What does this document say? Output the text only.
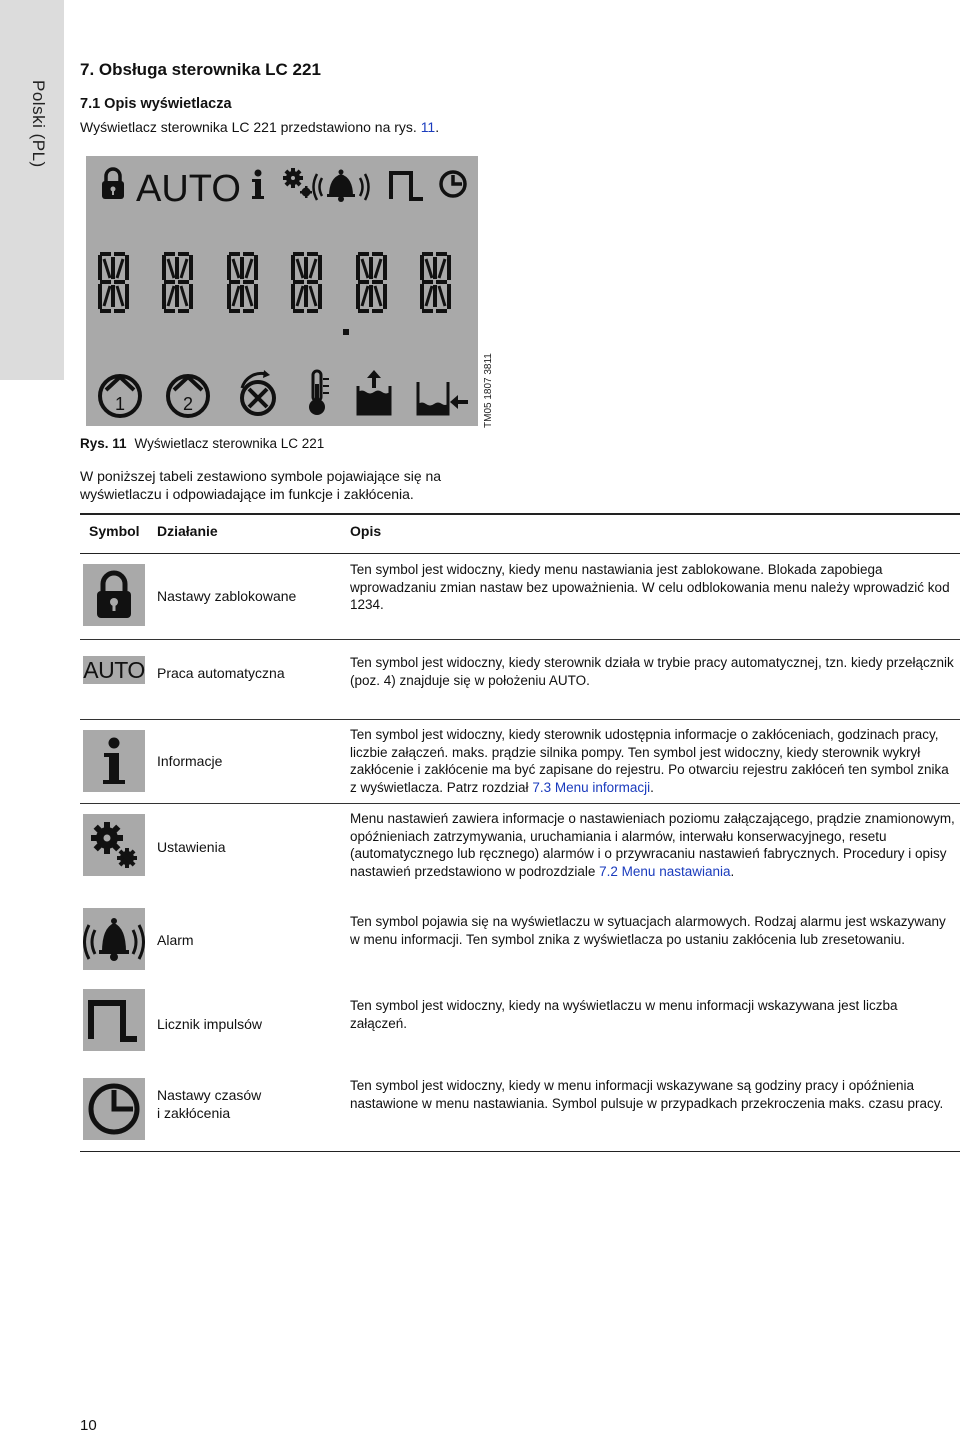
Polski (PL)
7. Obsługa sterownika LC 221
7.1 Opis wyświetlacza
Wyświetlacz sterownika LC 221 przedstawiono na rys. 11.
AUTO
1	2	TM05 1807 3811
Rys. 11 Wyświetlacz sterownika LC 221
W poniższej tabeli zestawiono symbole pojawiające się na wyświetlaczu i odpowiadające im funkcje i zakłócenia.
Symbol Działanie	Opis
Nastawy zablokowane
Ten symbol jest widoczny, kiedy menu nastawiania jest zablokowane. Blokada zapobiega wprowadzaniu zmian nastaw bez upoważnienia. W celu odblokowania menu należy wprowadzić kod 1234.
AUTO Praca automatyczna
Ten symbol jest widoczny, kiedy sterownik działa w trybie pracy automatycznej, tzn. kiedy przełącznik (poz. 4) znajduje się w położeniu AUTO.
Informacje
Ten symbol jest widoczny, kiedy sterownik udostępnia informacje o zakłóceniach, godzinach pracy, liczbie załączeń. maks. prądzie silnika pompy. Ten symbol jest widoczny, kiedy sterownik wykrył zakłócenie i zakłócenie ma być zapisane do rejestru. Po otwarciu rejestru zakłóceń ten symbol znika z wyświetlacza. Patrz rozdział 7.3 Menu informacji.
Ustawienia
Menu nastawień zawiera informacje o nastawieniach poziomu załączającego, prądzie znamionowym, opóźnieniach zatrzymywania, uruchamiania i alarmów, interwału konserwacyjnego, resetu (automatycznego lub ręcznego) alarmów i o przywracaniu nastawień fabrycznych. Procedury i opisy nastawień przedstawiono w podrozdziale 7.2 Menu nastawiania.
Alarm
Ten symbol pojawia się na wyświetlaczu w sytuacjach alarmowych. Rodzaj alarmu jest wskazywany w menu informacji. Ten symbol znika z wyświetlacza po ustaniu zakłócenia lub zresetowaniu.
Licznik impulsów
Ten symbol jest widoczny, kiedy na wyświetlaczu w menu informacji wskazywana jest liczba załączeń.
Nastawy czasów
i zakłócenia
Ten symbol jest widoczny, kiedy w menu informacji wskazywane są godziny pracy i opóźnienia nastawione w menu nastawiania. Symbol pulsuje w przypadkach przekroczenia maks. czasu pracy.
10
